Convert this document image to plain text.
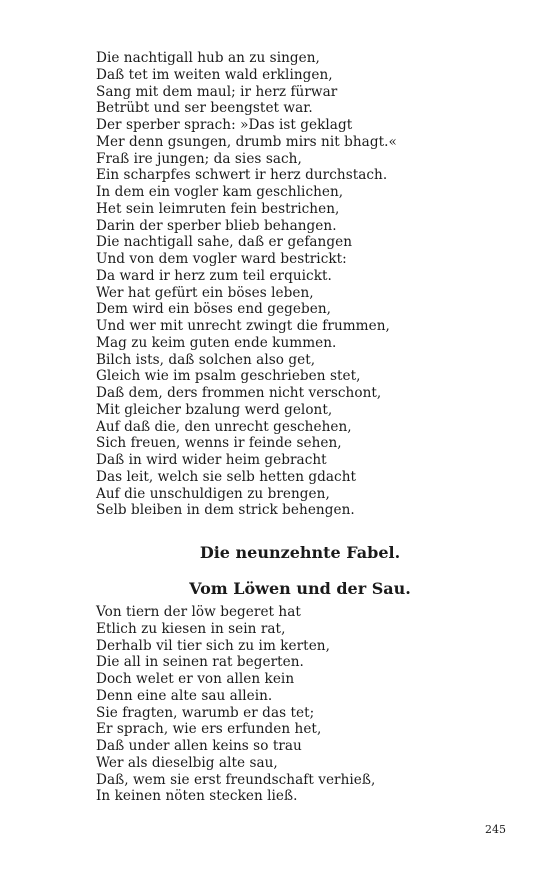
Die nachtigall hub an zu singen,
Daß tet im weiten wald erklingen,
Sang mit dem maul; ir herz fürwar
Betrübt und ser beengstet war.
Der sperber sprach: »Das ist geklagt
Mer denn gsungen, drumb mirs nit bhagt.«
Fraß ire jungen; da sies sach,
Ein scharpfes schwert ir herz durchstach.
In dem ein vogler kam geschlichen,
Het sein leimruten fein bestrichen,
Darin der sperber blieb behangen.
Die nachtigall sahe, daß er gefangen
Und von dem vogler ward bestrickt:
Da ward ir herz zum teil erquickt.
Wer hat gefürt ein böses leben,
Dem wird ein böses end gegeben,
Und wer mit unrecht zwingt die frummen,
Mag zu keim guten ende kummen.
Bilch ists, daß solchen also get,
Gleich wie im psalm geschrieben stet,
Daß dem, ders frommen nicht verschont,
Mit gleicher bzalung werd gelont,
Auf daß die, den unrecht geschehen,
Sich freuen, wenns ir feinde sehen,
Daß in wird wider heim gebracht
Das leit, welch sie selb hetten gdacht
Auf die unschuldigen zu brengen,
Selb bleiben in dem strick behengen.
Die neunzehnte Fabel.
Vom Löwen und der Sau.
Von tiern der löw begeret hat
Etlich zu kiesen in sein rat,
Derhalb vil tier sich zu im kerten,
Die all in seinen rat begerten.
Doch welet er von allen kein
Denn eine alte sau allein.
Sie fragten, warumb er das tet;
Er sprach, wie ers erfunden het,
Daß under allen keins so trau
Wer als dieselbig alte sau,
Daß, wem sie erst freundschaft verhieß,
In keinen nöten stecken ließ.
245
